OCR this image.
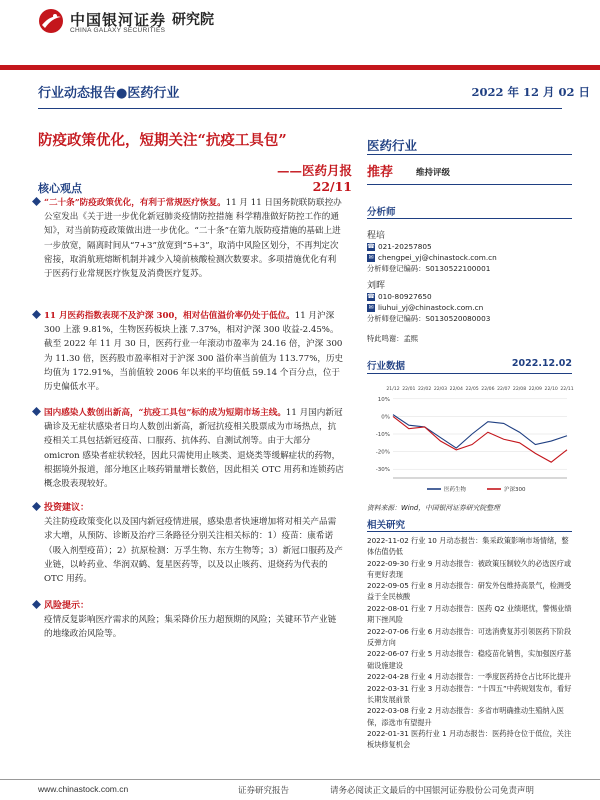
中国银河证券
CHINA GALAXY SECURITIES
研究院
行业动态报告●医药行业	2022 年 12 月 02 日
防疫政策优化，短期关注“抗疫工具包”
——医药月报 22/11
核心观点
“二十条”防疫政策优化，有利于常规医疗恢复。11 月 11 日国务院联防联控办公室发出《关于进一步优化新冠肺炎疫情防控措施 科学精准做好防控工作的通知》，对当前防疫政策做出进一步优化。“二十条”在第九版防疫措施的基础上进一步放宽，隔离时间从“7+3”放宽到“5+3”，取消中风险区划分，不再判定次密接，取消航班熔断机制并减少入境前核酸检测次数要求。多项措施优化有利于医药行业常规医疗恢复及消费医疗复苏。
11 月医药指数表现不及沪深 300，相对估值溢价率仍处于低位。11 月沪深 300 上涨 9.81%，生物医药板块上涨 7.37%，相对沪深 300 收益-2.45%。截至 2022 年 11 月 30 日，医药行业一年滚动市盈率为 24.16 倍，沪深 300 为 11.30 倍，医药股市盈率相对于沪深 300 溢价率当前值为 113.77%，历史均值为 172.91%，当前值较 2006 年以来的平均值低 59.14 个百分点，位于历史偏低水平。
国内感染人数创出新高，“抗疫工具包”标的成为短期市场主线。11 月国内新冠确诊及无症状感染者日均人数创出新高，新冠抗疫相关股票成为市场热点，抗疫相关工具包括新冠疫苗、口服药、抗体药、自测试剂等。由于大部分 omicron 感染者症状较轻，因此只需使用止咳类、退烧类等缓解症状的药物，根据境外报道，部分地区止咳药销量增长数倍，因此相关 OTC 用药和连锁药店概念股表现较好。
投资建议：
关注防疫政策变化以及国内新冠疫情进展，感染患者快速增加将对相关产品需求大增，从预防、诊断及治疗三条路径分别关注相关标的：1）疫苗：康希诺（吸入剂型疫苗）；2）抗原检测：万孚生物、东方生物等；3）新冠口服药及产业链，以岭药业、华润双鹤、复星医药等，以及以止咳药、退烧药为代表的 OTC 用药。
风险提示：
疫情反复影响医疗需求的风险；集采降价压力超预期的风险；关键环节产业链的地缘政治风险等。
医药行业
推荐	维持评级
分析师
程培
☎ 021-20257805
✉ chengpei_yj@chinastock.com.cn
分析师登记编码：S0130522100001
刘晖
☎ 010-80927650
✉ liuhui_yj@chinastock.com.cn
分析师登记编码：S0130520080003
特此鸣谢：孟熙
行业数据	2022.12.02
10%
0%
-10%
-20%
-30%
21/12 22/01 22/02 22/03 22/04 22/05 22/06 22/07 22/08 22/09 22/10 22/11
医药生物	沪深300
资料来源：Wind，中国银河证券研究院整理
相关研究
2022-11-02 行业 10 月动态报告：集采政策影响市场情绪，整体估值仍低
2022-09-30 行业 9 月动态报告：被政策压制较久的必选医疗或有更好表现
2022-09-05 行业 8 月动态报告：研发外包维持高景气，检测受益于全民核酸
2022-08-01 行业 7 月动态报告：医药 Q2 业绩堪忧，警惕业绩期下挫风险
2022-07-06 行业 6 月动态报告：可选消费复苏引领医药下阶段反弹方向
2022-06-07 行业 5 月动态报告：稳疫苗化销售，实加强医疗基础设施建设
2022-04-28 行业 4 月动态报告：一季度医药持仓占比环比提升
2022-03-31 行业 3 月动态报告：“十四五”中药规划发布，看好长期发展前景
2022-03-08 行业 2 月动态报告：多省市明确推动生殖纳入医保，添选市有望提升
2022-01-31 医药行业 1 月动态报告：医药持仓位于低位，关注板块修复机会
www.chinastock.com.cn	证券研究报告	请务必阅读正文最后的中国银河证券股份公司免责声明
